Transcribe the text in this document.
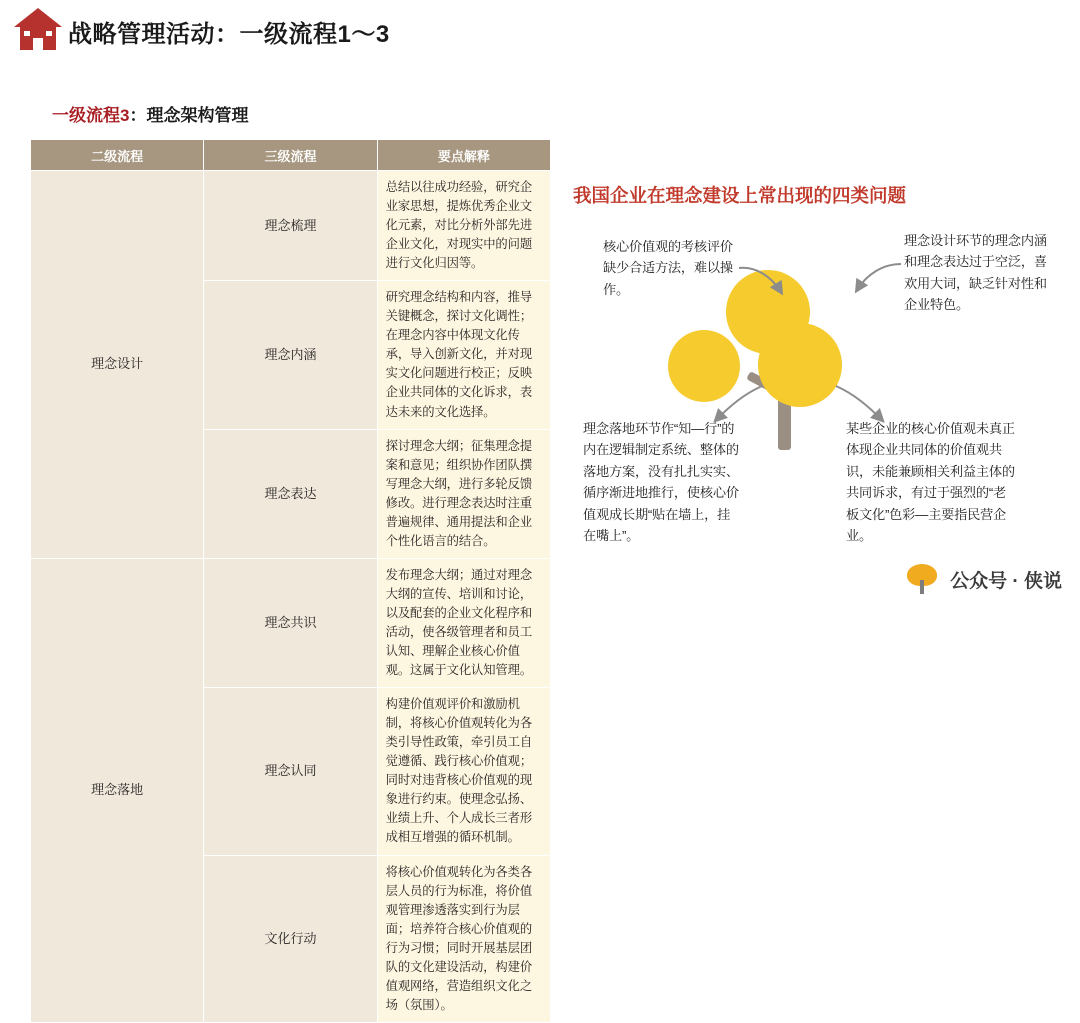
战略管理活动：一级流程1～3
一级流程3：理念架构管理
二级流程	三级流程	要点解释
理念设计	理念梳理	总结以往成功经验，研究企业家思想，提炼优秀企业文化元素，对比分析外部先进企业文化，对现实中的问题进行文化归因等。
	理念内涵	研究理念结构和内容，推导关键概念，探讨文化调性；在理念内容中体现文化传承，导入创新文化，并对现实文化问题进行校正；反映企业共同体的文化诉求，表达未来的文化选择。
	理念表达	探讨理念大纲；征集理念提案和意见；组织协作团队撰写理念大纲，进行多轮反馈修改。进行理念表达时注重普遍规律、通用提法和企业个性化语言的结合。
理念落地	理念共识	发布理念大纲；通过对理念大纲的宣传、培训和讨论，以及配套的企业文化程序和活动，使各级管理者和员工认知、理解企业核心价值观。这属于文化认知管理。
	理念认同	构建价值观评价和激励机制，将核心价值观转化为各类引导性政策，牵引员工自觉遵循、践行核心价值观；同时对违背核心价值观的现象进行约束。使理念弘扬、业绩上升、个人成长三者形成相互增强的循环机制。
	文化行动	将核心价值观转化为各类各层人员的行为标准，将价值观管理渗透落实到行为层面；培养符合核心价值观的行为习惯；同时开展基层团队的文化建设活动，构建价值观网络，营造组织文化之场（氛围）。
我国企业在理念建设上常出现的四类问题
核心价值观的考核评价缺少合适方法，难以操作。
理念设计环节的理念内涵和理念表达过于空泛，喜欢用大词，缺乏针对性和企业特色。
理念落地环节作“知—行”的内在逻辑制定系统、整体的落地方案，没有扎扎实实、循序渐进地推行，使核心价值观成长期“贴在墙上，挂在嘴上”。
某些企业的核心价值观未真正体现企业共同体的价值观共识，未能兼顾相关利益主体的共同诉求，有过于强烈的“老板文化”色彩—主要指民营企业。
公众号 · 侠说
